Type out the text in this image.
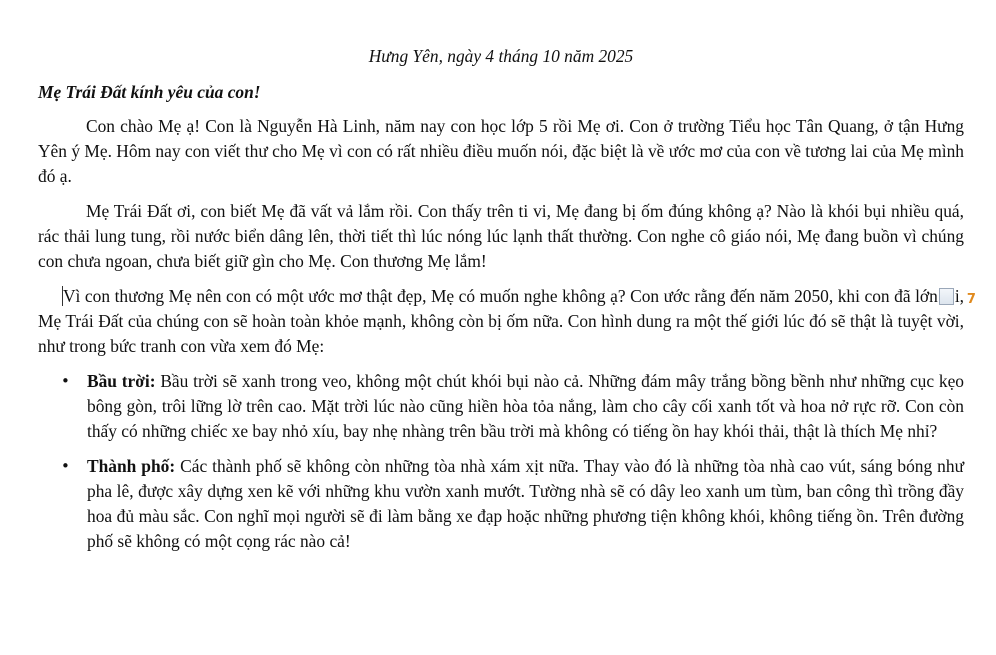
Hưng Yên, ngày 4 tháng 10 năm 2025

Mẹ Trái Đất kính yêu của con!

Con chào Mẹ ạ! Con là Nguyễn Hà Linh, năm nay con học lớp 5 rồi Mẹ ơi. Con ở trường Tiểu học Tân Quang, ở tận Hưng Yên ý Mẹ. Hôm nay con viết thư cho Mẹ vì con có rất nhiều điều muốn nói, đặc biệt là về ước mơ của con về tương lai của Mẹ mình đó ạ.

Mẹ Trái Đất ơi, con biết Mẹ đã vất vả lắm rồi. Con thấy trên ti vi, Mẹ đang bị ốm đúng không ạ? Nào là khói bụi nhiều quá, rác thải lung tung, rồi nước biển dâng lên, thời tiết thì lúc nóng lúc lạnh thất thường. Con nghe cô giáo nói, Mẹ đang buồn vì chúng con chưa ngoan, chưa biết giữ gìn cho Mẹ. Con thương Mẹ lắm!

Vì con thương Mẹ nên con có một ước mơ thật đẹp, Mẹ có muốn nghe không ạ? Con ước rằng đến năm 2050, khi con đã lớn7 Mẹ Trái Đất của chúng con sẽ hoàn toàn khỏe mạnh, không còn bị ốm nữa. Con hình dung ra một thế giới lúc đó sẽ thật là tuyệt vời, như trong bức tranh con vừa xem đó Mẹ:

• Bầu trời: Bầu trời sẽ xanh trong veo, không một chút khói bụi nào cả. Những đám mây trắng bồng bềnh như những cục kẹo bông gòn, trôi lững lờ trên cao. Mặt trời lúc nào cũng hiền hòa tỏa nắng, làm cho cây cối xanh tốt và hoa nở rực rỡ. Con còn thấy có những chiếc xe bay nhỏ xíu, bay nhẹ nhàng trên bầu trời mà không có tiếng ồn hay khói thải, thật là thích Mẹ nhỉ?
• Thành phố: Các thành phố sẽ không còn những tòa nhà xám xịt nữa. Thay vào đó là những tòa nhà cao vút, sáng bóng như pha lê, được xây dựng xen kẽ với những khu vườn xanh mướt. Tường nhà sẽ có dây leo xanh um tùm, ban công thì trồng đầy hoa đủ màu sắc. Con nghĩ mọi người sẽ đi làm bằng xe đạp hoặc những phương tiện không khói, không tiếng ồn. Trên đường phố sẽ không có một cọng rác nào cả!
